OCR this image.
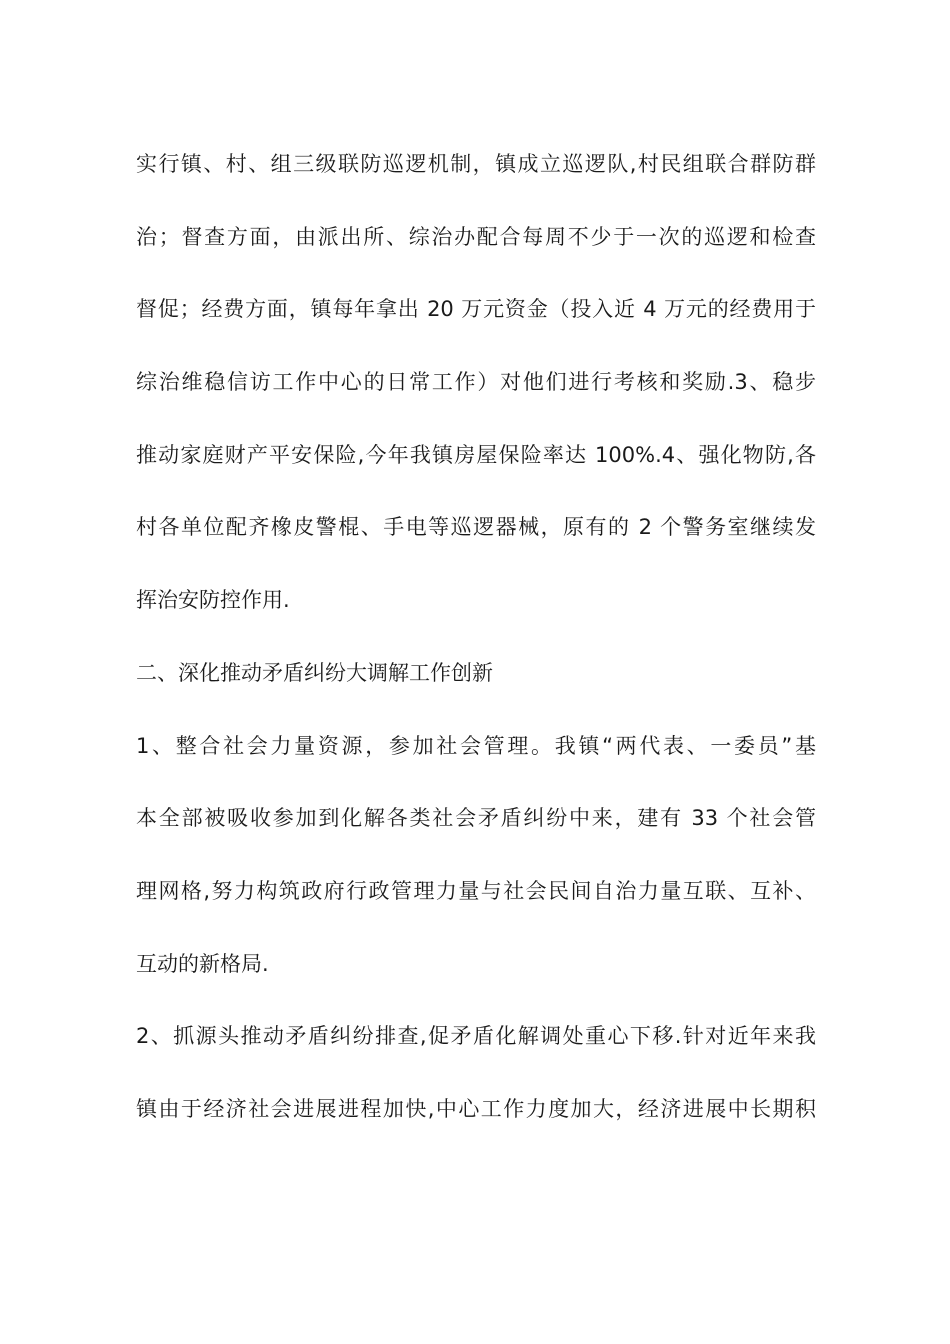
实行镇、村、组三级联防巡逻机制，镇成立巡逻队,村民组联合群防群
治；督查方面，由派出所、综治办配合每周不少于一次的巡逻和检查
督促；经费方面，镇每年拿出 20 万元资金（投入近 4 万元的经费用于
综治维稳信访工作中心的日常工作）对他们进行考核和奖励.3、稳步
推动家庭财产平安保险,今年我镇房屋保险率达 100%.4、强化物防,各
村各单位配齐橡皮警棍、手电等巡逻器械，原有的 2 个警务室继续发
挥治安防控作用.
二、深化推动矛盾纠纷大调解工作创新
1、整合社会力量资源，参加社会管理。我镇“两代表、一委员”基
本全部被吸收参加到化解各类社会矛盾纠纷中来，建有 33 个社会管
理网格,努力构筑政府行政管理力量与社会民间自治力量互联、互补、
互动的新格局.
2、抓源头推动矛盾纠纷排查,促矛盾化解调处重心下移.针对近年来我
镇由于经济社会进展进程加快,中心工作力度加大，经济进展中长期积
